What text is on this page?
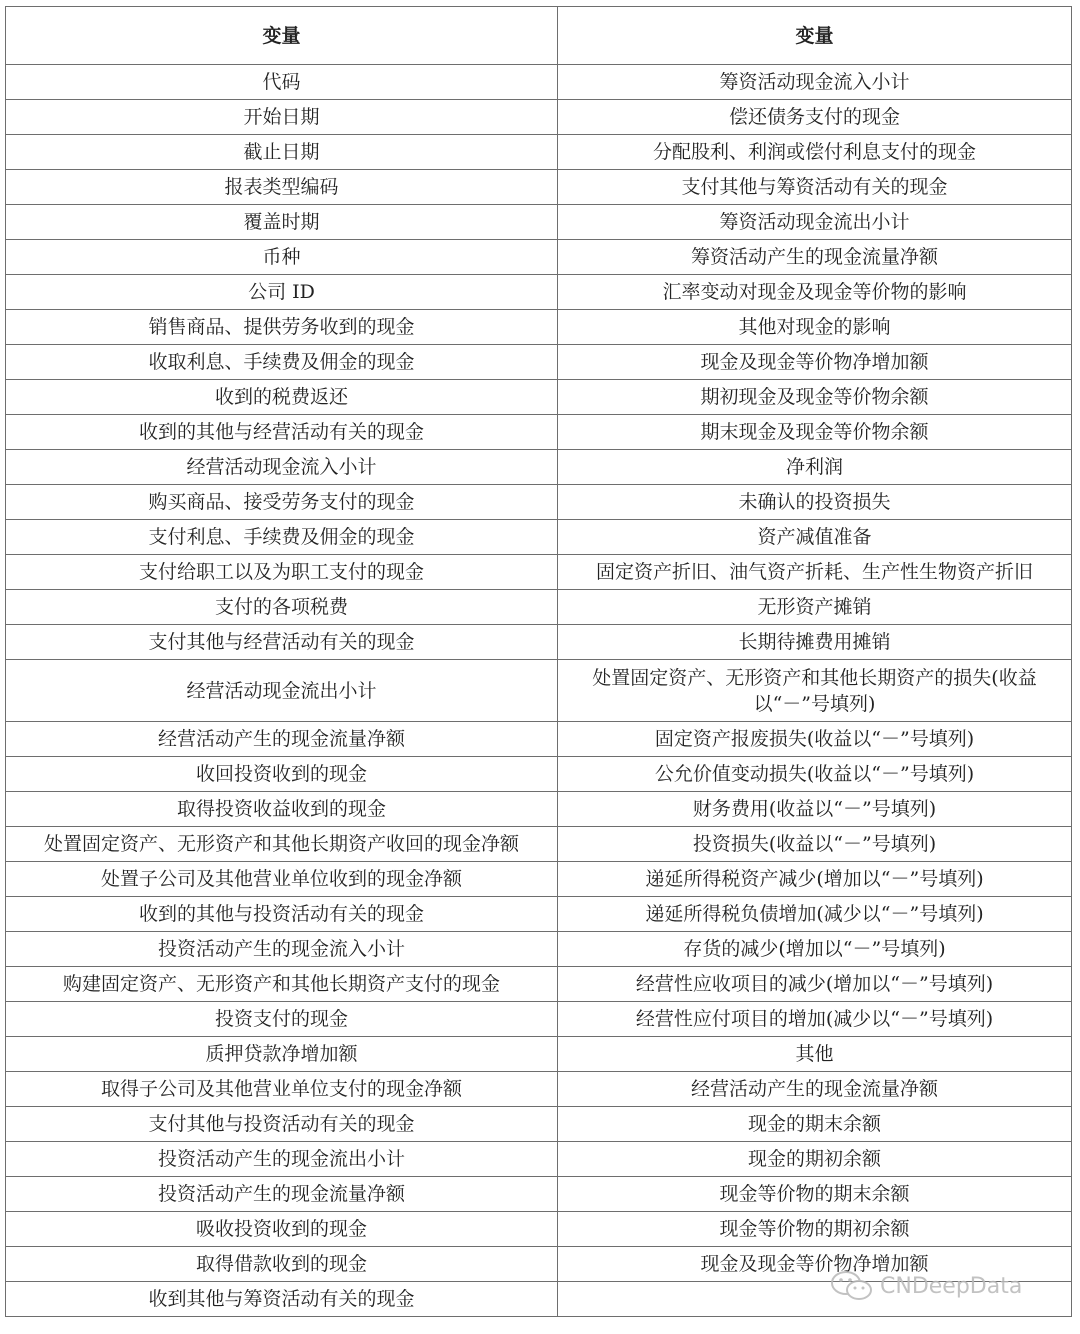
变量	变量
代码	筹资活动现金流入小计
开始日期	偿还债务支付的现金
截止日期	分配股利、利润或偿付利息支付的现金
报表类型编码	支付其他与筹资活动有关的现金
覆盖时期	筹资活动现金流出小计
币种	筹资活动产生的现金流量净额
公司 ID	汇率变动对现金及现金等价物的影响
销售商品、提供劳务收到的现金	其他对现金的影响
收取利息、手续费及佣金的现金	现金及现金等价物净增加额
收到的税费返还	期初现金及现金等价物余额
收到的其他与经营活动有关的现金	期末现金及现金等价物余额
经营活动现金流入小计	净利润
购买商品、接受劳务支付的现金	未确认的投资损失
支付利息、手续费及佣金的现金	资产减值准备
支付给职工以及为职工支付的现金	固定资产折旧、油气资产折耗、生产性生物资产折旧
支付的各项税费	无形资产摊销
支付其他与经营活动有关的现金	长期待摊费用摊销
经营活动现金流出小计	处置固定资产、无形资产和其他长期资产的损失(收益以“－”号填列)
经营活动产生的现金流量净额	固定资产报废损失(收益以“－”号填列)
收回投资收到的现金	公允价值变动损失(收益以“－”号填列)
取得投资收益收到的现金	财务费用(收益以“－”号填列)
处置固定资产、无形资产和其他长期资产收回的现金净额	投资损失(收益以“－”号填列)
处置子公司及其他营业单位收到的现金净额	递延所得税资产减少(增加以“－”号填列)
收到的其他与投资活动有关的现金	递延所得税负债增加(减少以“－”号填列)
投资活动产生的现金流入小计	存货的减少(增加以“－”号填列)
购建固定资产、无形资产和其他长期资产支付的现金	经营性应收项目的减少(增加以“－”号填列)
投资支付的现金	经营性应付项目的增加(减少以“－”号填列)
质押贷款净增加额	其他
取得子公司及其他营业单位支付的现金净额	经营活动产生的现金流量净额
支付其他与投资活动有关的现金	现金的期末余额
投资活动产生的现金流出小计	现金的期初余额
投资活动产生的现金流量净额	现金等价物的期末余额
吸收投资收到的现金	现金等价物的期初余额
取得借款收到的现金	现金及现金等价物净增加额
收到其他与筹资活动有关的现金	
CNDeepData
